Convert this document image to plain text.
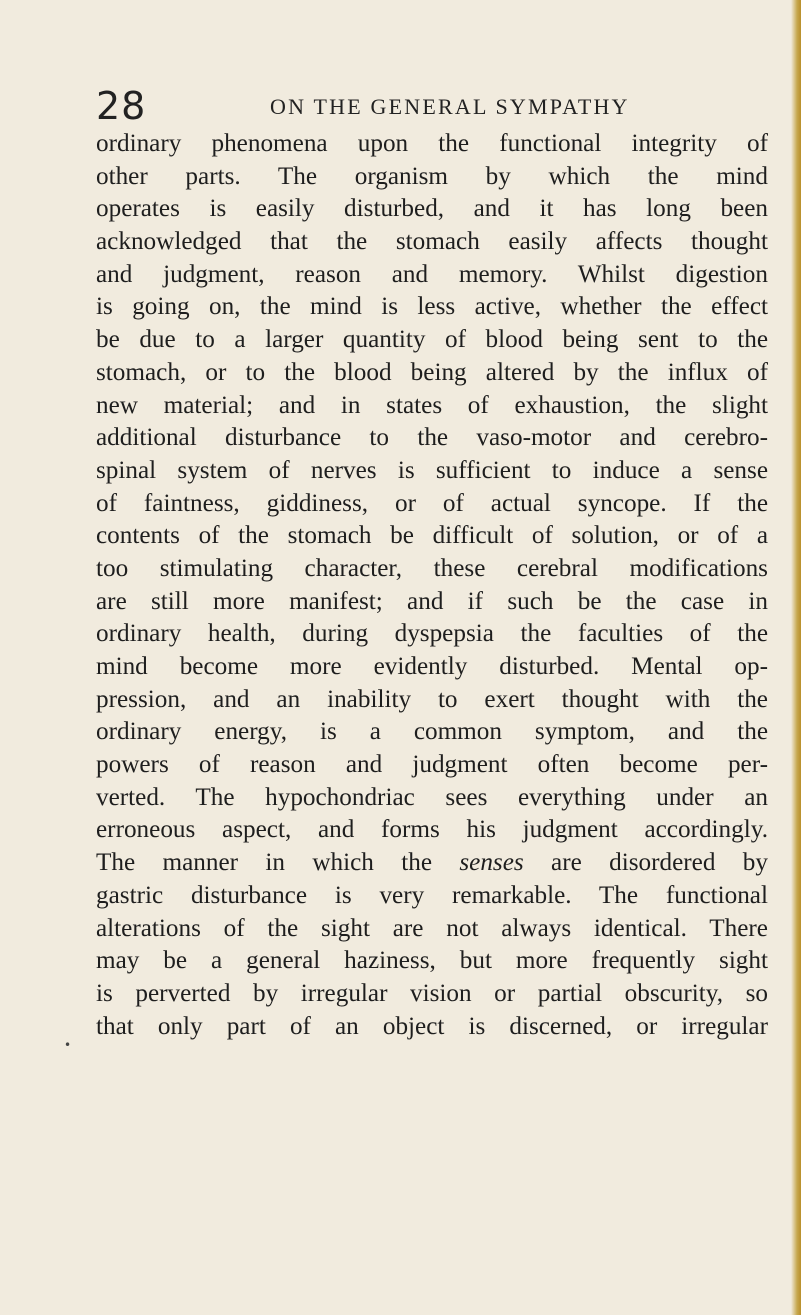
28	ON THE GENERAL SYMPATHY
ordinary phenomena upon the functional integrity of
other parts. The organism by which the mind
operates is easily disturbed, and it has long been
acknowledged that the stomach easily affects thought
and judgment, reason and memory. Whilst digestion
is going on, the mind is less active, whether the effect
be due to a larger quantity of blood being sent to the
stomach, or to the blood being altered by the influx of
new material; and in states of exhaustion, the slight
additional disturbance to the vaso-motor and cerebro-
spinal system of nerves is sufficient to induce a sense
of faintness, giddiness, or of actual syncope. If the
contents of the stomach be difficult of solution, or of a
too stimulating character, these cerebral modifications
are still more manifest; and if such be the case in
ordinary health, during dyspepsia the faculties of the
mind become more evidently disturbed. Mental op-
pression, and an inability to exert thought with the
ordinary energy, is a common symptom, and the
powers of reason and judgment often become per-
verted. The hypochondriac sees everything under an
erroneous aspect, and forms his judgment accordingly.
The manner in which the senses are disordered by
gastric disturbance is very remarkable. The functional
alterations of the sight are not always identical. There
may be a general haziness, but more frequently sight
is perverted by irregular vision or partial obscurity, so
that only part of an object is discerned, or irregular
•
